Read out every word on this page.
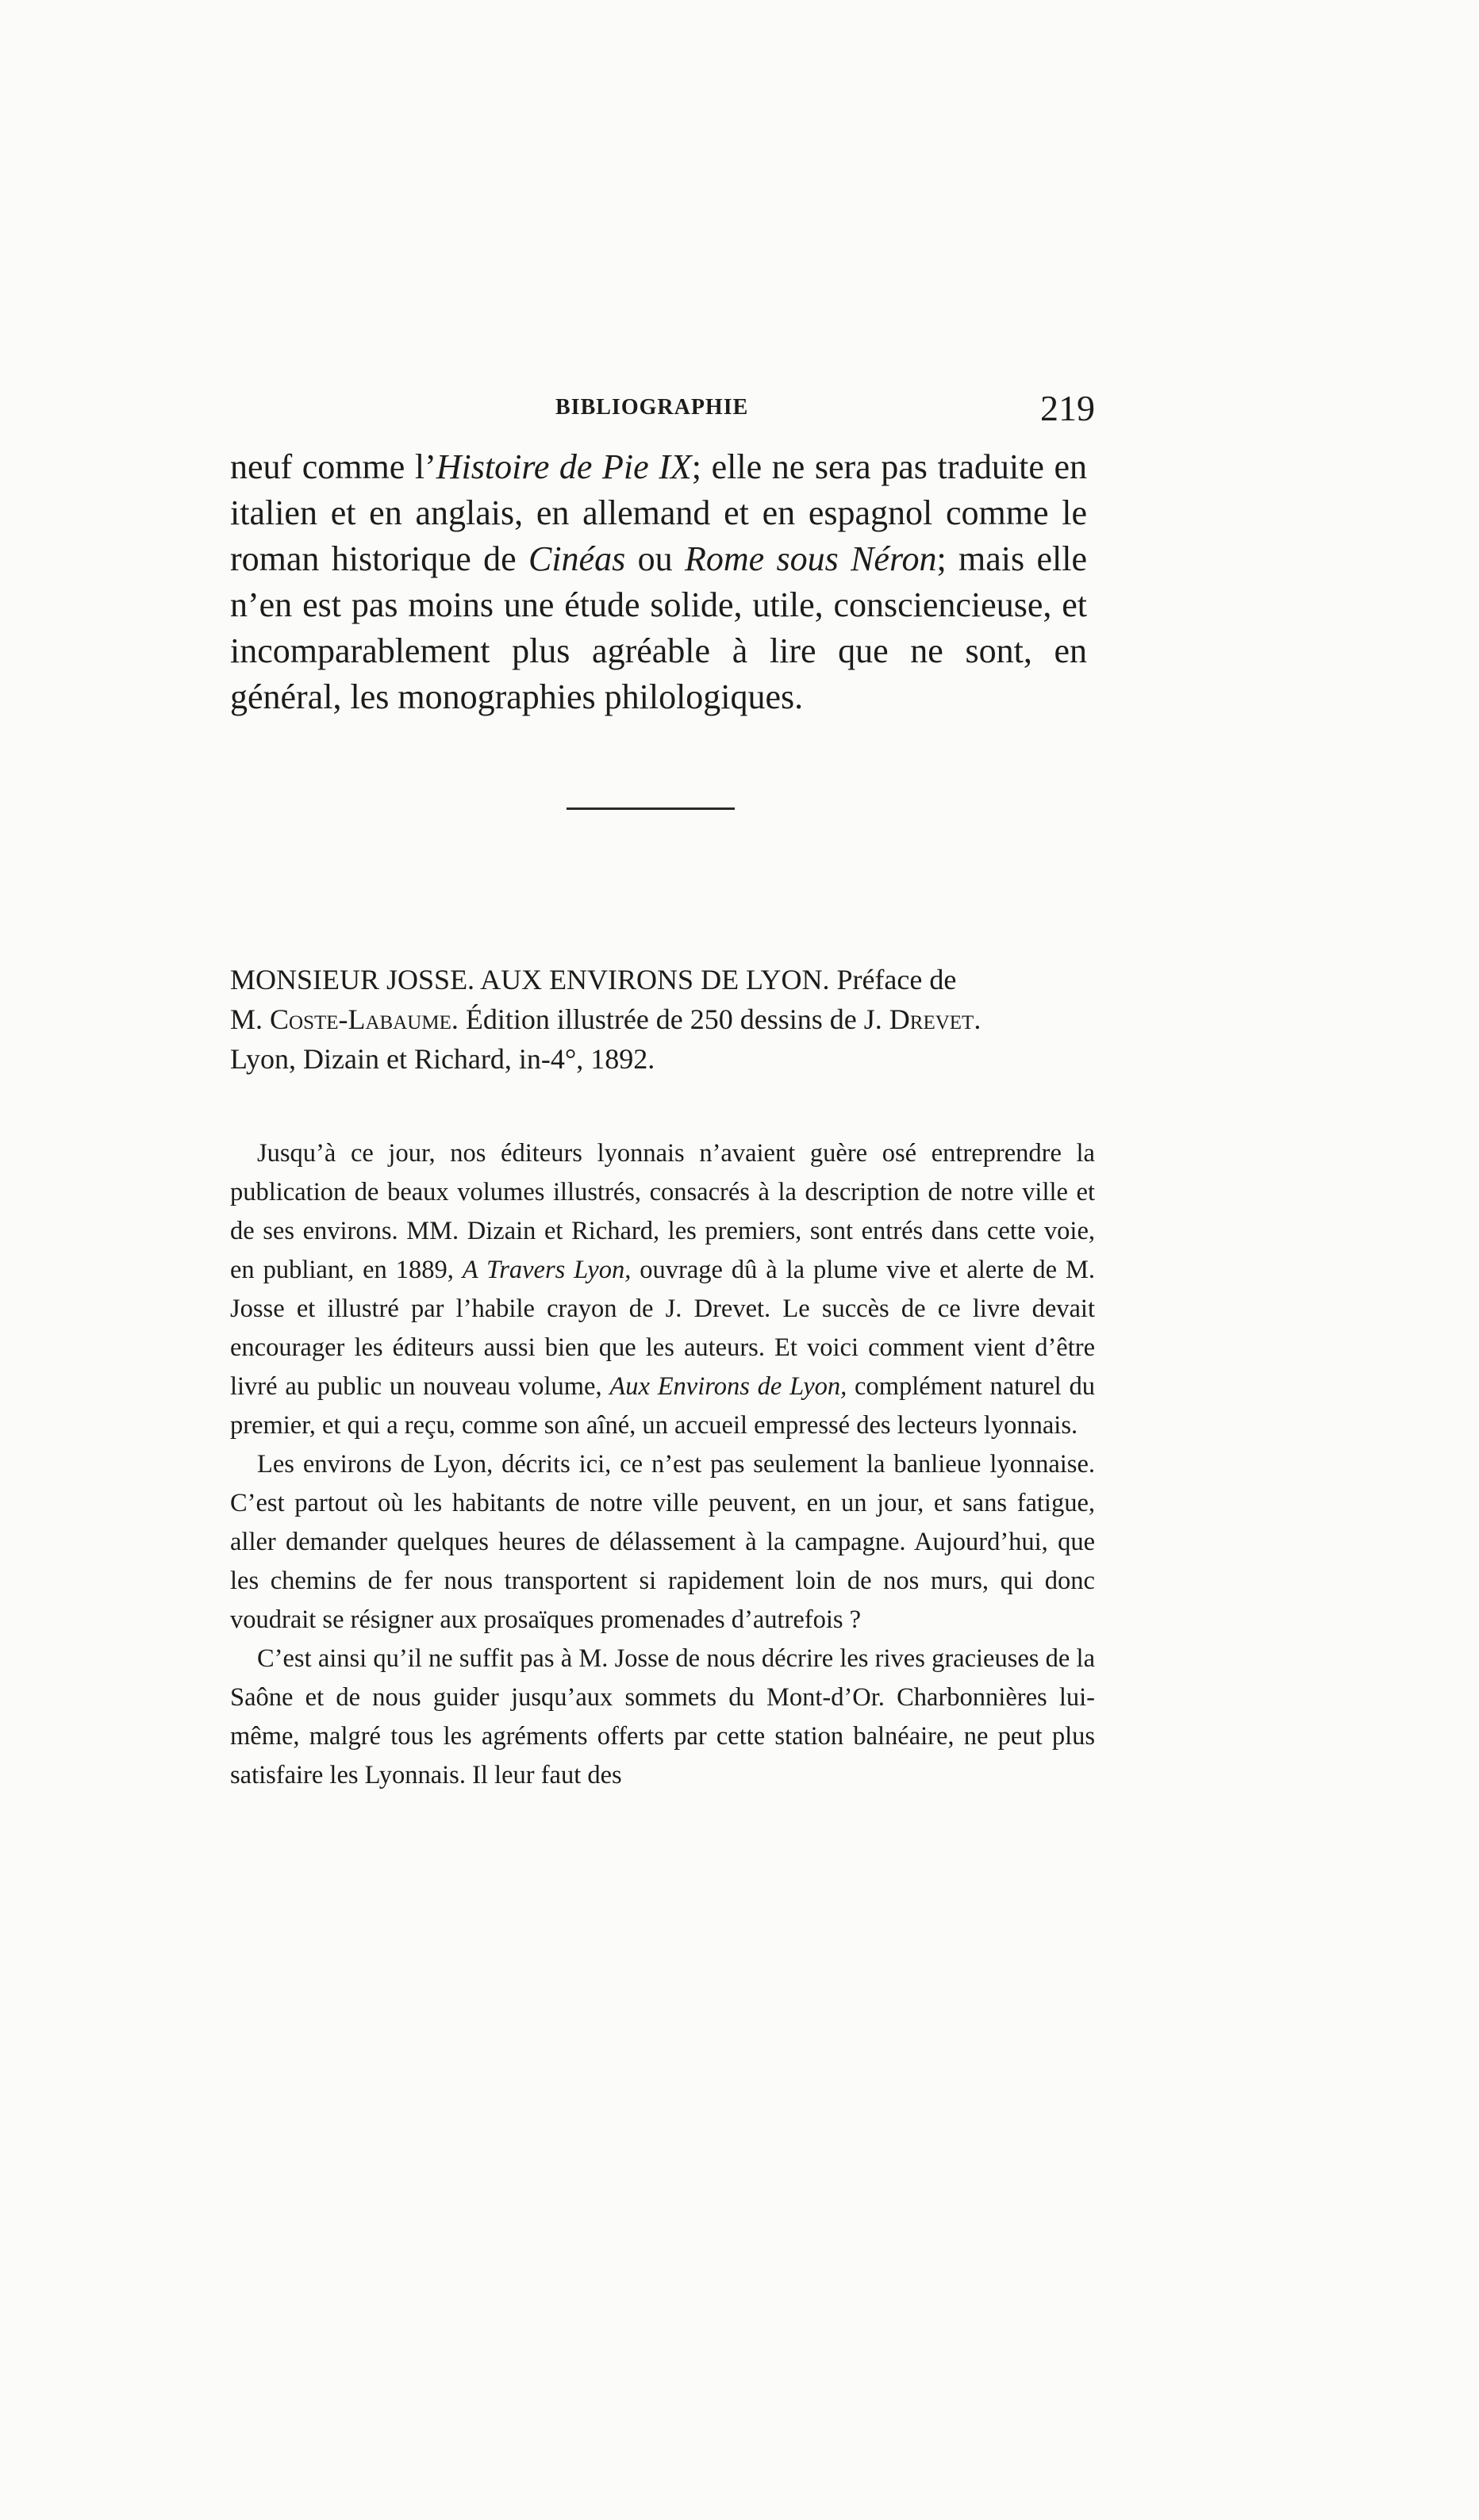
BIBLIOGRAPHIE	219

neuf comme l’Histoire de Pie IX; elle ne sera pas traduite en italien et en anglais, en allemand et en espagnol comme le roman historique de Cinéas ou Rome sous Néron; mais elle n’en est pas moins une étude solide, utile, consciencieuse, et incomparablement plus agréable à lire que ne sont, en général, les monographies philologiques.

MONSIEUR JOSSE. AUX ENVIRONS DE LYON. Préface de
M. Coste-Labaume. Édition illustrée de 250 dessins de J. Drevet.
Lyon, Dizain et Richard, in-4°, 1892.

Jusqu’à ce jour, nos éditeurs lyonnais n’avaient guère osé entreprendre la publication de beaux volumes illustrés, consacrés à la description de notre ville et de ses environs. MM. Dizain et Richard, les premiers, sont entrés dans cette voie, en publiant, en 1889, A Travers Lyon, ouvrage dû à la plume vive et alerte de M. Josse et illustré par l’habile crayon de J. Drevet. Le succès de ce livre devait encourager les éditeurs aussi bien que les auteurs. Et voici comment vient d’être livré au public un nouveau volume, Aux Environs de Lyon, complément naturel du premier, et qui a reçu, comme son aîné, un accueil empressé des lecteurs lyonnais.

Les environs de Lyon, décrits ici, ce n’est pas seulement la banlieue lyonnaise. C’est partout où les habitants de notre ville peuvent, en un jour, et sans fatigue, aller demander quelques heures de délassement à la campagne. Aujourd’hui, que les chemins de fer nous transportent si rapidement loin de nos murs, qui donc voudrait se résigner aux prosaïques promenades d’autrefois ?

C’est ainsi qu’il ne suffit pas à M. Josse de nous décrire les rives gracieuses de la Saône et de nous guider jusqu’aux sommets du Mont-d’Or. Charbonnières lui-même, malgré tous les agréments offerts par cette station balnéaire, ne peut plus satisfaire les Lyonnais. Il leur faut des
